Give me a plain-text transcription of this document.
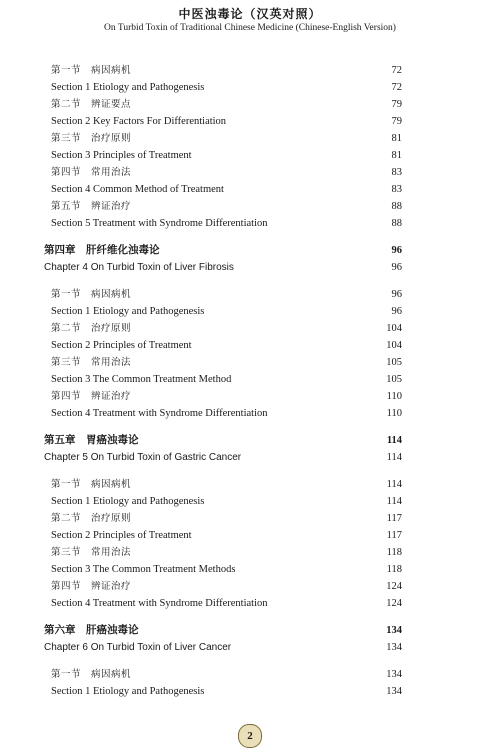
中医浊毒论（汉英对照）
On Turbid Toxin of Traditional Chinese Medicine (Chinese-English Version)
第一节　病因病机	72
Section 1 Etiology and Pathogenesis	72
第二节　辨证要点	79
Section 2 Key Factors For Differentiation	79
第三节　治疗原则	81
Section 3 Principles of Treatment	81
第四节　常用治法	83
Section 4 Common Method of Treatment	83
第五节　辨证治疗	88
Section 5 Treatment with Syndrome Differentiation	88
第四章　肝纤维化浊毒论	96
Chapter 4 On Turbid Toxin of Liver Fibrosis	96
第一节　病因病机	96
Section 1 Etiology and Pathogenesis	96
第二节　治疗原则	104
Section 2 Principles of Treatment	104
第三节　常用治法	105
Section 3 The Common Treatment Method	105
第四节　辨证治疗	110
Section 4 Treatment with Syndrome Differentiation	110
第五章　胃癌浊毒论	114
Chapter 5 On Turbid Toxin of Gastric Cancer	114
第一节　病因病机	114
Section 1 Etiology and Pathogenesis	114
第二节　治疗原则	117
Section 2 Principles of Treatment	117
第三节　常用治法	118
Section 3 The Common Treatment Methods	118
第四节　辨证治疗	124
Section 4 Treatment with Syndrome Differentiation	124
第六章　肝癌浊毒论	134
Chapter 6 On Turbid Toxin of Liver Cancer	134
第一节　病因病机	134
Section 1 Etiology and Pathogenesis	134
2
